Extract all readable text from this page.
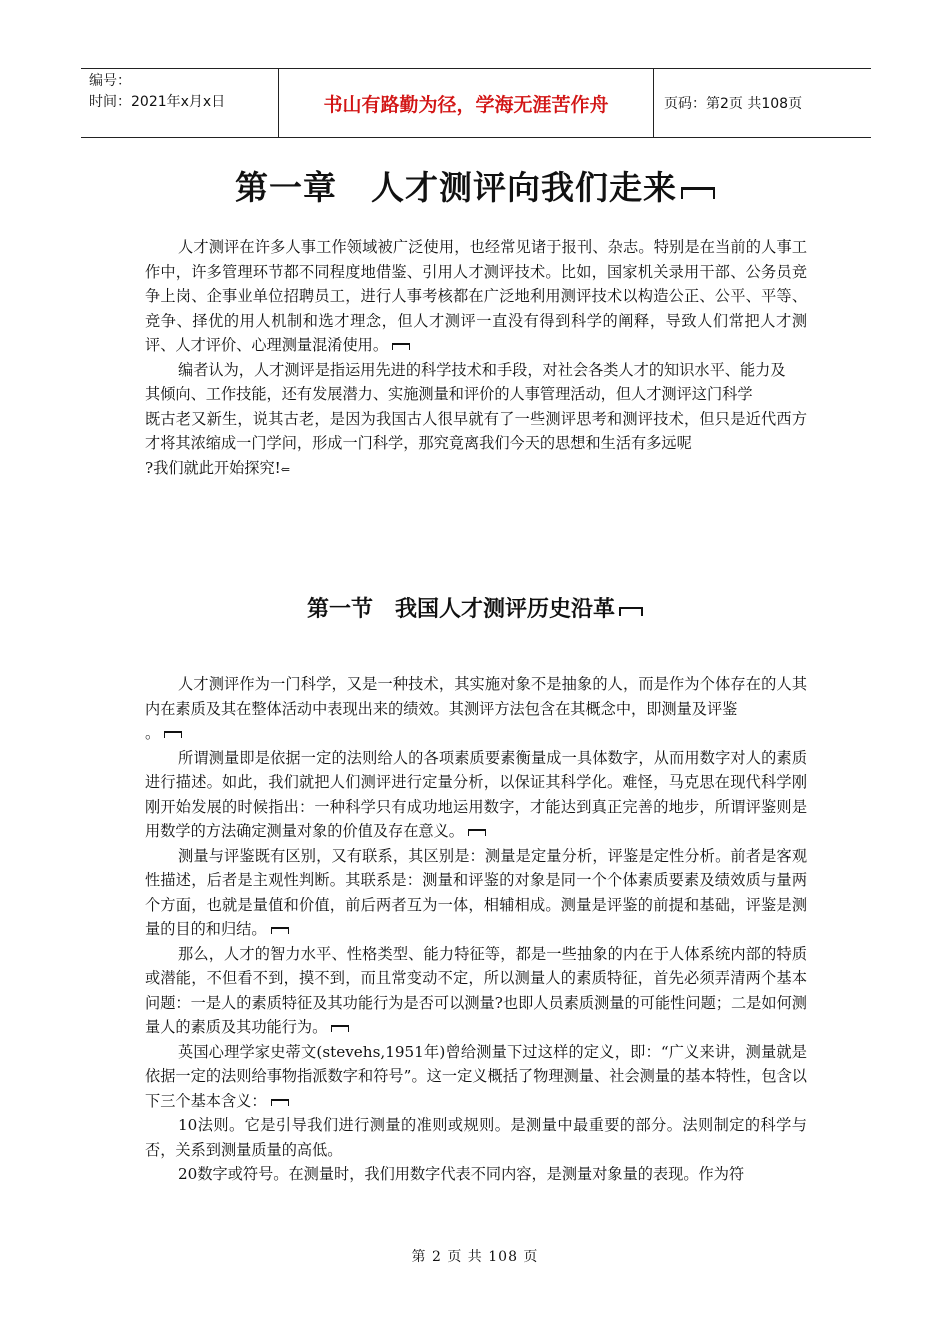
编号：
时间：2021年x月x日	书山有路勤为径，学海无涯苦作舟	页码：第2页 共108页
第一章　人才测评向我们走来

人才测评在许多人事工作领域被广泛使用，也经常见诸于报刊、杂志。特别是在当前的人事工作中，许多管理环节都不同程度地借鉴、引用人才测评技术。比如，国家机关录用干部、公务员竞争上岗、企事业单位招聘员工，进行人事考核都在广泛地利用测评技术以构造公正、公平、平等、竞争、择优的用人机制和选才理念，但人才测评一直没有得到科学的阐释，导致人们常把人才测评、人才评价、心理测量混淆使用。

编者认为，人才测评是指运用先进的科学技术和手段，对社会各类人才的知识水平、能力及

其倾向、工作技能，还有发展潜力、实施测量和评价的人事管理活动，但人才测评这门科学

既古老又新生，说其古老，是因为我国古人很早就有了一些测评思考和测评技术，但只是近代西方才将其浓缩成一门学问，形成一门科学，那究竟离我们今天的思想和生活有多远呢

?我们就此开始探究!⇐

第一节　我国人才测评历史沿革

人才测评作为一门科学，又是一种技术，其实施对象不是抽象的人，而是作为个体存在的人其内在素质及其在整体活动中表现出来的绩效。其测评方法包含在其概念中，即测量及评鉴

。

所谓测量即是依据一定的法则给人的各项素质要素衡量成一具体数字，从而用数字对人的素质进行描述。如此，我们就把人们测评进行定量分析，以保证其科学化。难怪，马克思在现代科学刚刚开始发展的时候指出：一种科学只有成功地运用数字，才能达到真正完善的地步，所谓评鉴则是用数学的方法确定测量对象的价值及存在意义。

测量与评鉴既有区别，又有联系，其区别是：测量是定量分析，评鉴是定性分析。前者是客观性描述，后者是主观性判断。其联系是：测量和评鉴的对象是同一个个体素质要素及绩效质与量两个方面，也就是量值和价值，前后两者互为一体，相辅相成。测量是评鉴的前提和基础，评鉴是测量的目的和归结。

那么，人才的智力水平、性格类型、能力特征等，都是一些抽象的内在于人体系统内部的特质或潜能，不但看不到，摸不到，而且常变动不定，所以测量人的素质特征，首先必须弄清两个基本问题：一是人的素质特征及其功能行为是否可以测量?也即人员素质测量的可能性问题；二是如何测量人的素质及其功能行为。

英国心理学家史蒂文(stevehs,1951年)曾给测量下过这样的定义，即：“广义来讲，测量就是依据一定的法则给事物指派数字和符号”。这一定义概括了物理测量、社会测量的基本特性，包含以下三个基本含义：

10法则。它是引导我们进行测量的准则或规则。是测量中最重要的部分。法则制定的科学与否，关系到测量质量的高低。

20数字或符号。在测量时，我们用数字代表不同内容，是测量对象量的表现。作为符

第 2 页 共 108 页
